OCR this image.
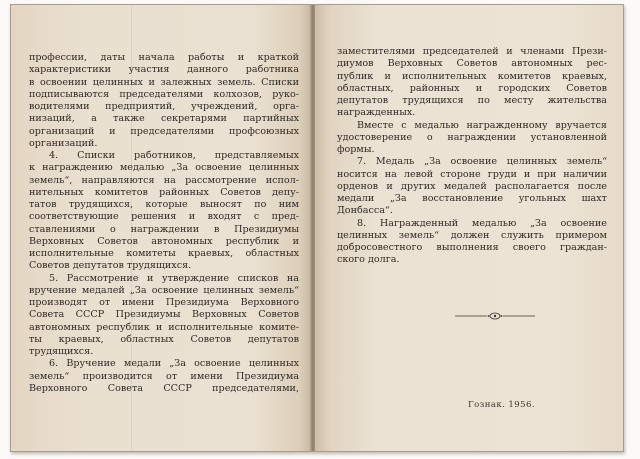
профессии, даты начала работы и краткой
характеристики участия данного работника
в освоении целинных и залежных земель. Списки
подписываются председателями колхозов, руко-
водителями предприятий, учреждений, орга-
низаций, а также секретарями партийных
организаций и председателями профсоюзных
организаций.
4. Списки работников, представляемых
к награждению медалью „За освоение целинных
земель“, направляются на рассмотрение испол-
нительных комитетов районных Советов депу-
татов трудящихся, которые выносят по ним
соответствующие решения и входят с пред-
ставлениями о награждении в Президиумы
Верховных Советов автономных республик и
исполнительные комитеты краевых, областных
Советов депутатов трудящихся.
5. Рассмотрение и утверждение списков на
вручение медалей „За освоение целинных земель“
производят от имени Президиума Верховного
Совета СССР Президиумы Верховных Советов
автономных республик и исполнительные комите-
ты краевых, областных Советов депутатов
трудящихся.
6. Вручение медали „За освоение целинных
земель“ производится от имени Президиума
Верховного Совета СССР председателями,
заместителями председателей и членами Прези-
диумов Верховных Советов автономных рес-
публик и исполнительных комитетов краевых,
областных, районных и городских Советов
депутатов трудящихся по месту жительства
награжденных.
Вместе с медалью награжденному вручается
удостоверение о награждении установленной
формы.
7. Медаль „За освоение целинных земель“
носится на левой стороне груди и при наличии
орденов и других медалей располагается после
медали „За восстановление угольных шахт
Донбасса“.
8. Награжденный медалью „За освоение
целинных земель“ должен служить примером
добросовестного выполнения своего граждан-
ского долга.
Гознак. 1956.
